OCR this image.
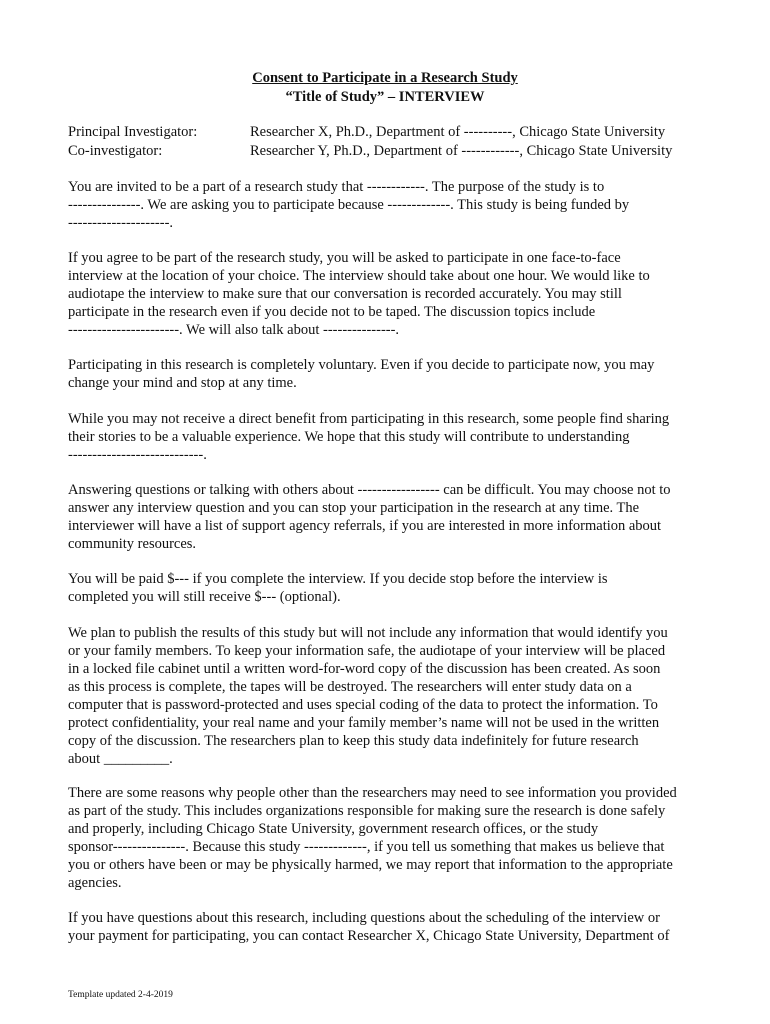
Consent to Participate in a Research Study
“Title of Study” – INTERVIEW
Principal Investigator:	Researcher X, Ph.D., Department of ----------, Chicago State University
Co-investigator:	Researcher Y, Ph.D., Department of ------------, Chicago State University
You are invited to be a part of a research study that ------------. The purpose of the study is to
---------------. We are asking you to participate because -------------. This study is being funded by
---------------------.
If you agree to be part of the research study, you will be asked to participate in one face-to-face
interview at the location of your choice. The interview should take about one hour. We would like to
audiotape the interview to make sure that our conversation is recorded accurately. You may still
participate in the research even if you decide not to be taped. The discussion topics include
-----------------------. We will also talk about ---------------.
Participating in this research is completely voluntary. Even if you decide to participate now, you may
change your mind and stop at any time.
While you may not receive a direct benefit from participating in this research, some people find sharing
their stories to be a valuable experience. We hope that this study will contribute to understanding
----------------------------.
Answering questions or talking with others about ----------------- can be difficult. You may choose not to
answer any interview question and you can stop your participation in the research at any time. The
interviewer will have a list of support agency referrals, if you are interested in more information about
community resources.
You will be paid $--- if you complete the interview. If you decide stop before the interview is
completed you will still receive $--- (optional).
We plan to publish the results of this study but will not include any information that would identify you
or your family members. To keep your information safe, the audiotape of your interview will be placed
in a locked file cabinet until a written word-for-word copy of the discussion has been created. As soon
as this process is complete, the tapes will be destroyed. The researchers will enter study data on a
computer that is password-protected and uses special coding of the data to protect the information. To
protect confidentiality, your real name and your family member’s name will not be used in the written
copy of the discussion. The researchers plan to keep this study data indefinitely for future research
about _________.
There are some reasons why people other than the researchers may need to see information you provided
as part of the study. This includes organizations responsible for making sure the research is done safely
and properly, including Chicago State University, government research offices, or the study
sponsor---------------. Because this study -------------, if you tell us something that makes us believe that
you or others have been or may be physically harmed, we may report that information to the appropriate
agencies.
If you have questions about this research, including questions about the scheduling of the interview or
your payment for participating, you can contact Researcher X, Chicago State University, Department of
Template updated 2-4-2019
